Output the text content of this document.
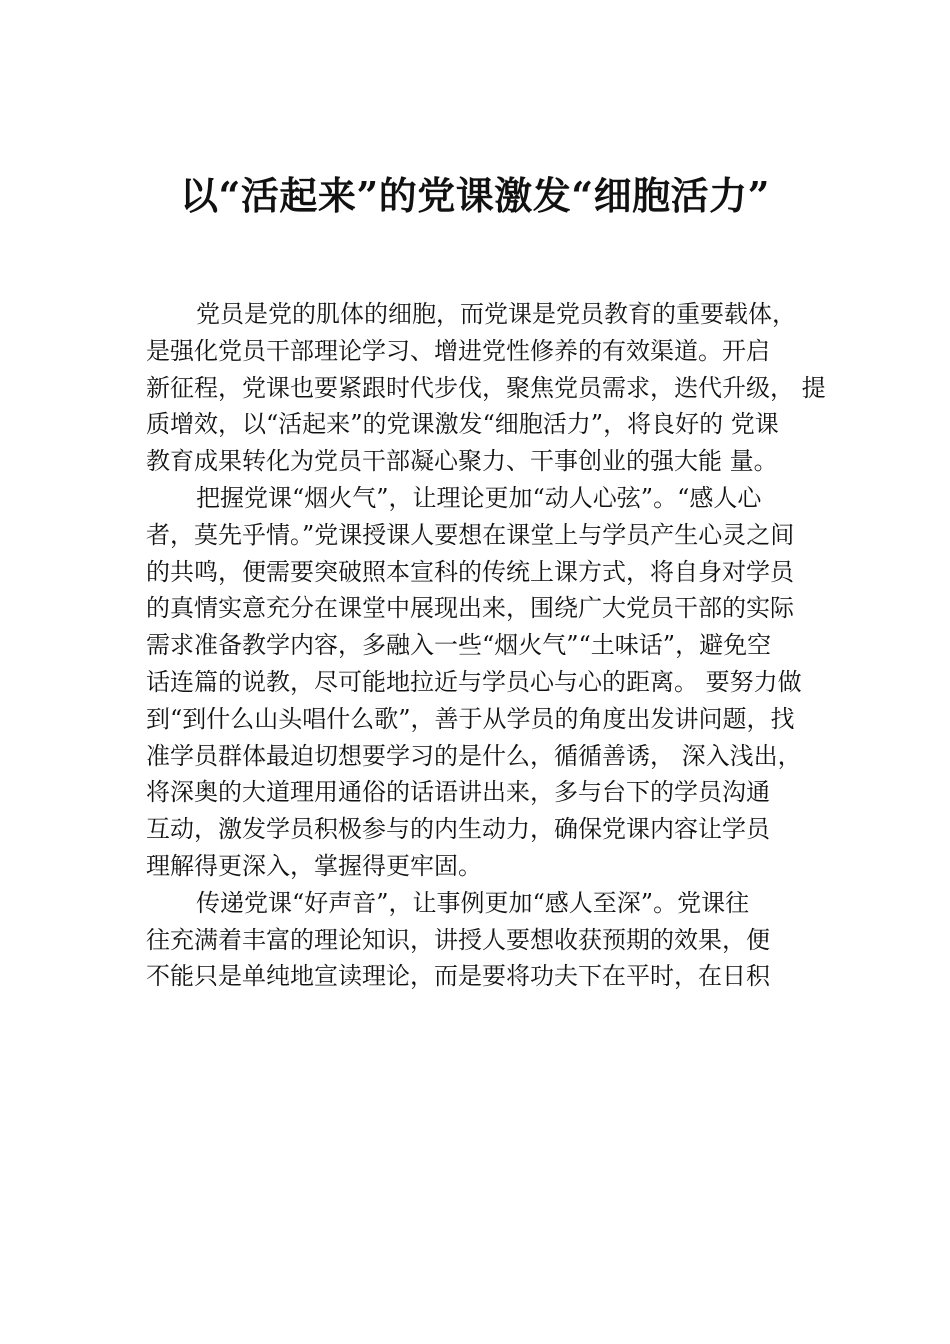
以“活起来”的党课激发“细胞活力”

党员是党的肌体的细胞，而党课是党员教育的重要载体，
是强化党员干部理论学习、增进党性修养的有效渠道。开启
新征程，党课也要紧跟时代步伐，聚焦党员需求，迭代升级， 提
质增效，以“活起来”的党课激发“细胞活力”，将良好的 党课
教育成果转化为党员干部凝心聚力、干事创业的强大能 量。

把握党课“烟火气”，让理论更加“动人心弦”。“感人心
者，莫先乎情。”党课授课人要想在课堂上与学员产生心灵之间
的共鸣，便需要突破照本宣科的传统上课方式，将自身对学员
的真情实意充分在课堂中展现出来，围绕广大党员干部的实际
需求准备教学内容，多融入一些“烟火气”“土味话”，避免空
话连篇的说教，尽可能地拉近与学员心与心的距离。 要努力做
到“到什么山头唱什么歌”，善于从学员的角度出发讲问题，找
准学员群体最迫切想要学习的是什么，循循善诱， 深入浅出，
将深奥的大道理用通俗的话语讲出来，多与台下的学员沟通
互动，激发学员积极参与的内生动力，确保党课内容让学员
理解得更深入，掌握得更牢固。

传递党课“好声音”，让事例更加“感人至深”。党课往
往充满着丰富的理论知识，讲授人要想收获预期的效果，便
不能只是单纯地宣读理论，而是要将功夫下在平时，在日积
